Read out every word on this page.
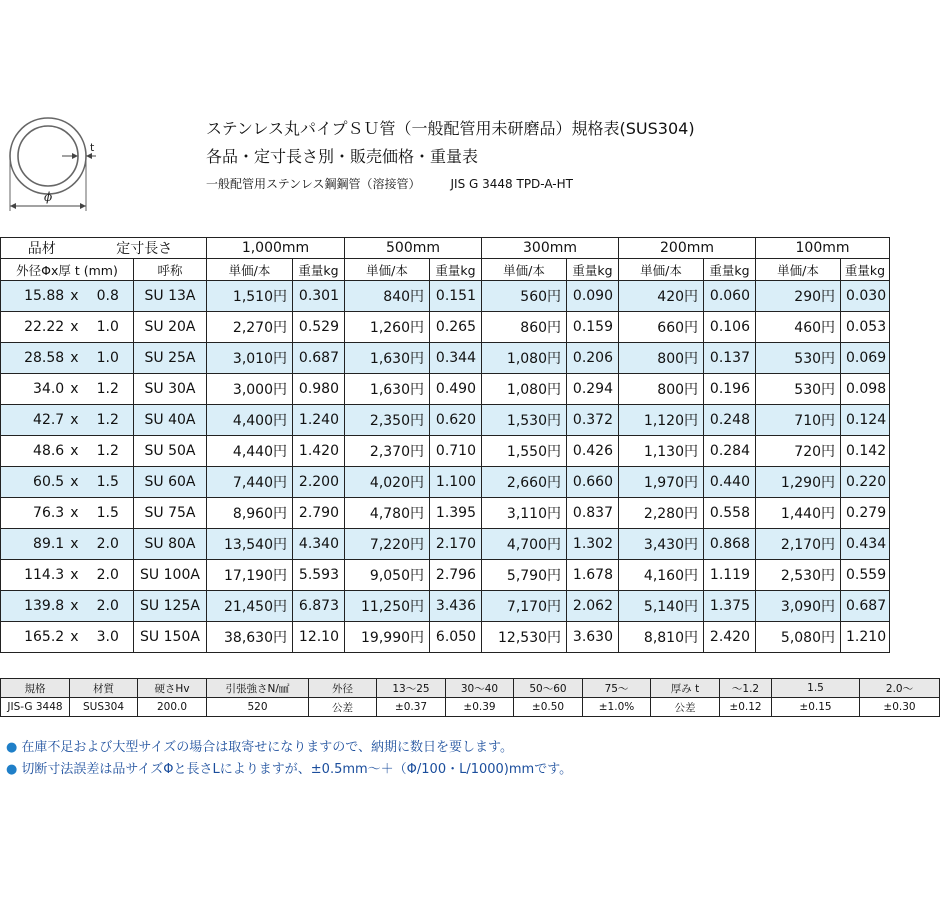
t
ϕ
ステンレス丸パイプＳＵ管（一般配管用未研磨品）規格表(SUS304)
各品・定寸長さ別・販売価格・重量表
一般配管用ステンレス鋼鋼管（溶接管）	JIS G 3448 TPD-A-HT
品材	定寸長さ		1,000mm		500mm		300mm		200mm		100mm	
外径Φx厚 t (mm)		呼称	単価/本	重量kg	単価/本	重量kg	単価/本	重量kg	単価/本	重量kg	単価/本	重量kg
15.88 x	0.8	SU 13A	1,510円	0.301	840円	0.151	560円	0.090	420円	0.060	290円	0.030
22.22 x	1.0	SU 20A	2,270円	0.529	1,260円	0.265	860円	0.159	660円	0.106	460円	0.053
28.58 x	1.0	SU 25A	3,010円	0.687	1,630円	0.344	1,080円	0.206	800円	0.137	530円	0.069
34.0 x	1.2	SU 30A	3,000円	0.980	1,630円	0.490	1,080円	0.294	800円	0.196	530円	0.098
42.7 x	1.2	SU 40A	4,400円	1.240	2,350円	0.620	1,530円	0.372	1,120円	0.248	710円	0.124
48.6 x	1.2	SU 50A	4,440円	1.420	2,370円	0.710	1,550円	0.426	1,130円	0.284	720円	0.142
60.5 x	1.5	SU 60A	7,440円	2.200	4,020円	1.100	2,660円	0.660	1,970円	0.440	1,290円	0.220
76.3 x	1.5	SU 75A	8,960円	2.790	4,780円	1.395	3,110円	0.837	2,280円	0.558	1,440円	0.279
89.1 x	2.0	SU 80A	13,540円	4.340	7,220円	2.170	4,700円	1.302	3,430円	0.868	2,170円	0.434
114.3 x	2.0	SU 100A	17,190円	5.593	9,050円	2.796	5,790円	1.678	4,160円	1.119	2,530円	0.559
139.8 x	2.0	SU 125A	21,450円	6.873	11,250円	3.436	7,170円	2.062	5,140円	1.375	3,090円	0.687
165.2 x	3.0	SU 150A	38,630円	12.10	19,990円	6.050	12,530円	3.630	8,810円	2.420	5,080円	1.210
規格	材質	硬さHv	引張強さN/㎟	外径	13～25	30～40	50～60	75～	厚み t	～1.2	1.5	2.0～
JIS-G 3448	SUS304	200.0	520	公差	±0.37	±0.39	±0.50	±1.0%	公差	±0.12	±0.15	±0.30
● 在庫不足および大型サイズの場合は取寄せになりますので、納期に数日を要します。
● 切断寸法誤差は品サイズΦと長さLによりますが、±0.5mm～＋（Φ/100・L/1000)mmです。
